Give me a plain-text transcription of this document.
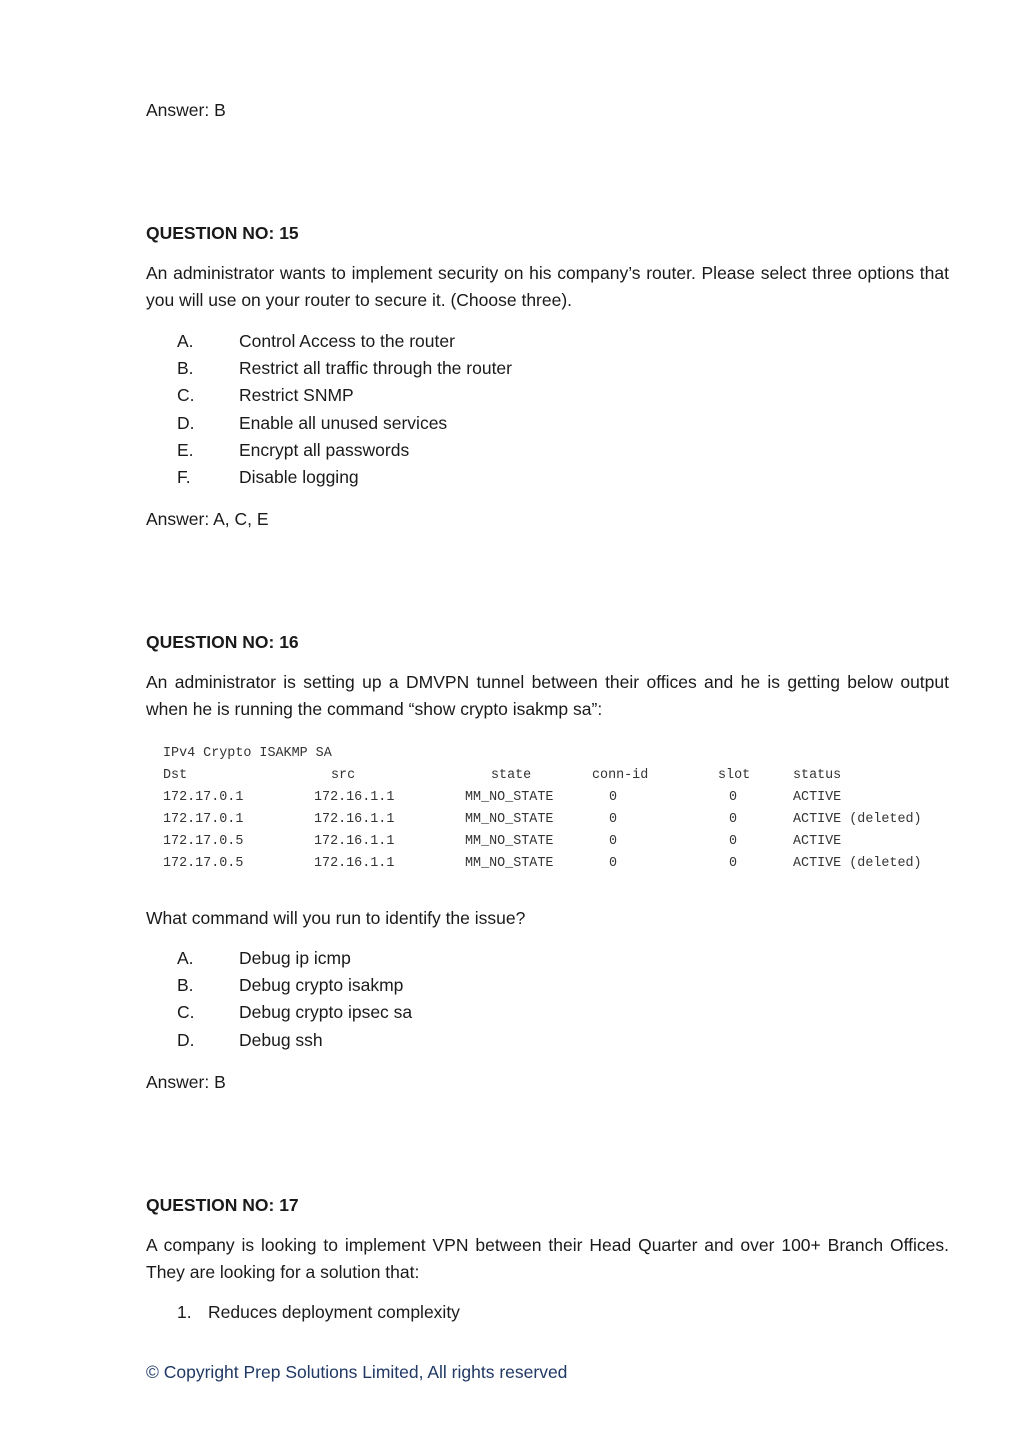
Answer: B
QUESTION NO: 15
An administrator wants to implement security on his company’s router. Please select three options that you will use on your router to secure it. (Choose three).
A.	Control Access to the router
B.	Restrict all traffic through the router
C.	Restrict SNMP
D.	Enable all unused services
E.	Encrypt all passwords
F.	Disable logging
Answer: A, C, E
QUESTION NO: 16
An administrator is setting up a DMVPN tunnel between their offices and he is getting below output when he is running the command “show crypto isakmp sa”:
IPv4 Crypto ISAKMP SA
Dst	src	state	conn-id	slot	status
172.17.0.1	172.16.1.1	MM_NO_STATE	0	0	ACTIVE
172.17.0.1	172.16.1.1	MM_NO_STATE	0	0	ACTIVE (deleted)
172.17.0.5	172.16.1.1	MM_NO_STATE	0	0	ACTIVE
172.17.0.5	172.16.1.1	MM_NO_STATE	0	0	ACTIVE (deleted)
What command will you run to identify the issue?
A.	Debug ip icmp
B.	Debug crypto isakmp
C.	Debug crypto ipsec sa
D.	Debug ssh
Answer: B
QUESTION NO: 17
A company is looking to implement VPN between their Head Quarter and over 100+ Branch Offices. They are looking for a solution that:
1. Reduces deployment complexity
© Copyright Prep Solutions Limited, All rights reserved
